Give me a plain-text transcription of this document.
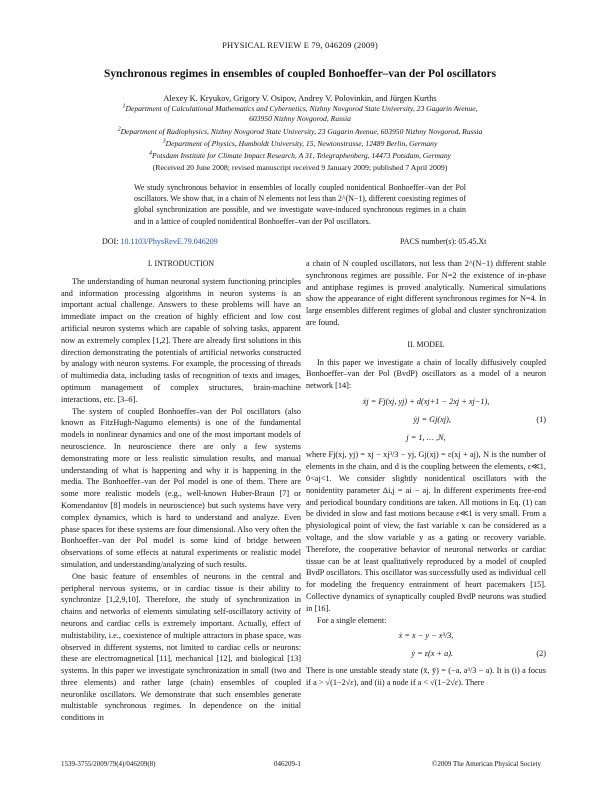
PHYSICAL REVIEW E 79, 046209 (2009)
Synchronous regimes in ensembles of coupled Bonhoeffer–van der Pol oscillators
Alexey K. Kryukov, Grigory V. Osipov, Andrey V. Polovinkin, and Jürgen Kurths
$^1$Department of Calculational Mathematics and Cybernetics, Nizhny Novgorod State University, 23 Gagarin Avenue,
603950 Nizhny Novgorod, Russia
$^2$Department of Radiophysics, Nizhny Novgorod State University, 23 Gagarin Avenue, 603950 Nizhny Novgorod, Russia
$^3$Department of Physics, Humboldt University, 15, Newtonstrasse, 12489 Berlin, Germany
$^4$Potsdam Institute for Climate Impact Research, A 31, Telegraphenberg, 14473 Potsdam, Germany
(Received 20 June 2008; revised manuscript received 9 January 2009; published 7 April 2009)
We study synchronous behavior in ensembles of locally coupled nonidentical Bonhoeffer–van der Pol oscillators. We show that, in a chain of N elements not less than 2^(N−1), different coexisting regimes of global synchronization are possible, and we investigate wave-induced synchronous regimes in a chain and in a lattice of coupled nonidentical Bonhoeffer–van der Pol oscillators.
DOI: 10.1103/PhysRevE.79.046209	PACS number(s): 05.45.Xt

I. INTRODUCTION

The understanding of human neuronal system functioning principles and information processing algorithms in neuron systems is an important actual challenge. Answers to these problems will have an immediate impact on the creation of highly efficient and low cost artificial neuron systems which are capable of solving tasks, apparent now as extremely complex [1,2]. There are already first solutions in this direction demonstrating the potentials of artificial networks constructed by analogy with neuron systems. For example, the processing of threads of multimedia data, including tasks of recognition of texts and images, optimum management of complex structures, brain-machine interactions, etc. [3–6].

The system of coupled Bonhoeffer–van der Pol oscillators (also known as FitzHugh-Nagumo elements) is one of the fundamental models in nonlinear dynamics and one of the most important models of neuroscience. In neuroscience there are only a few systems demonstrating more or less realistic simulation results, and manual understanding of what is happening and why it is happening in the media. The Bonhoeffer–van der Pol model is one of them. There are some more realistic models (e.g., well-known Huber-Braun [7] or Komendantov [8] models in neuroscience) but such systems have very complex dynamics, which is hard to understand and analyze. Even phase spaces for these systems are four dimensional. Also very often the Bonhoeffer–van der Pol model is some kind of bridge between observations of some effects at natural experiments or realistic model simulation, and understanding/analyzing of such results.

One basic feature of ensembles of neurons in the central and peripheral nervous systems, or in cardiac tissue is their ability to synchronize [1,2,9,10]. Therefore, the study of synchronization in chains and networks of elements simulating self-oscillatory activity of neurons and cardiac cells is extremely important. Actually, effect of multistability, i.e., coexistence of multiple attractors in phase space, was observed in different systems, not limited to cardiac cells or neurons: these are electromagnetical [11], mechanical [12], and biological [13] systems. In this paper we investigate synchronization in small (two and three elements) and rather large (chain) ensembles of coupled neuronlike oscillators. We demonstrate that such ensembles generate multistable synchronous regimes. In dependence on the initial conditions in

a chain of N coupled oscillators, not less than 2^(N−1) different stable synchronous regimes are possible. For N=2 the existence of in-phase and antiphase regimes is proved analytically. Numerical simulations show the appearance of eight different synchronous regimes for N=4. In large ensembles different regimes of global and cluster synchronization are found.

II. MODEL

In this paper we investigate a chain of locally diffusively coupled Bonhoeffer–van der Pol (BvdP) oscillators as a model of a neuron network [14]:

ẋj = Fj(xj, yj) + d(xj+1 − 2xj + xj−1),
ẏj = Gj(xj),	(1)
j = 1, … ,N,

where Fj(xj, yj) = xj − xj³/3 − yj, Gj(xj) = ε(xj + aj), N is the number of elements in the chain, and d is the coupling between the elements, ε≪1, 0<aj<1. We consider slightly nonidentical oscillators with the nonidentity parameter Δi,j = ai − aj. In different experiments free-end and periodical boundary conditions are taken. All motions in Eq. (1) can be divided in slow and fast motions because ε≪1 is very small. From a physiological point of view, the fast variable x can be considered as a voltage, and the slow variable y as a gating or recovery variable. Therefore, the cooperative behavior of neuronal networks or cardiac tissue can be at least qualitatively reproduced by a model of coupled BvdP oscillators. This oscillator was successfully used as individual cell for modeling the frequency entrainment of heart pacemakers [15]. Collective dynamics of synaptically coupled BvdP neurons was studied in [16].

For a single element:

ẋ = x − y − x³/3,
ẏ = ε(x + a).	(2)

There is one unstable steady state (x̄, ȳ) = (−a, a³/3 − a). It is (i) a focus if a > √(1−2√ε), and (ii) a node if a < √(1−2√ε). There

1539-3755/2009/79(4)/046209(8)	046209-1	©2009 The American Physical Society
